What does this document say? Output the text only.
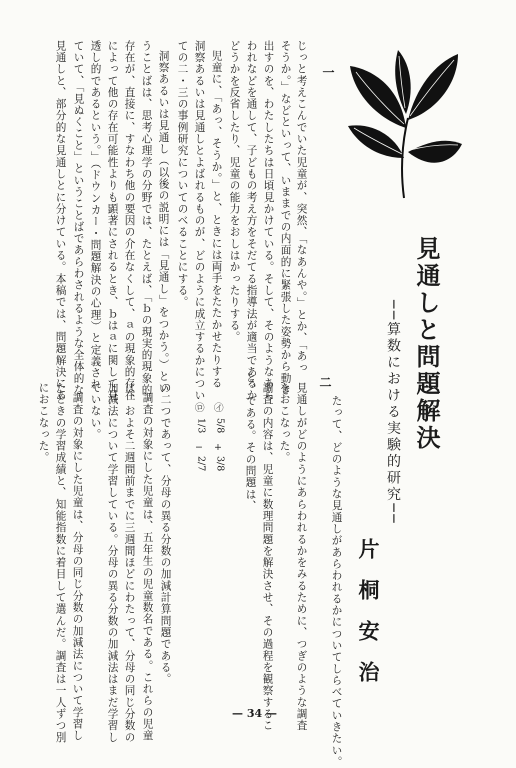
見通しと問題解決
──算数における実験的研究──
片桐安治
一
二
じっと考えこんでいた児童が、突然、「なあんや。」とか、「あっ
そうか。」などといって、いままでの内面的に緊張した姿勢から動き
出すのを、わたしたちは日頃見かけている。そして、そのようなあら
われなどを通して、子どもの考え方をそだてる指導法が適当であるか
どうかを反省したり、児童の能力をおしはかったりする。
児童に、「あっ、そうか。」と、ときには両手をたたかせたりする
洞察あるいは見通しとよばれるものが、どのように成立するかについ
ての二・三の事例研究についてのべることにする。
洞察あるいは見通し（以後の説明には「見通し」をつかう。）とい
うことばは、思考心理学の分野では、たとえば、「ｂの現実的現象的
存在が、直接に、すなわち他の要因の介在なくして、ａの現象的存在
によって他の存在可能性よりも顕著にされるとき、ｂはａに関して見
透し的であるという。」（ドウンカー・問題解決の心理）と定義され
ていて、「見ぬくこと」ということばであらわされるような全体的な
見通しと、部分的な見通しとに分けている。本稿では、問題解決にあ
たって、どのような見通しがあらわれるかについてしらべていきたい。
見通しがどのようにあらわれるかをみるために、つぎのような調査
をおこなった。
調査の内容は、児童に数理問題を解決させ、その過程を観察するこ
と、である。その問題は、
㋑
5/8
+
3/8
㋺
1/3
−
2/7
の二つであって、分母の異る分数の加減計算問題である。
調査の対象にした児童は、五年生の児童数名である。これらの児童
は、およそ二週間前までに三週間ほどにわたって、分母の同じ分数の
加減法について学習している。分母の異る分数の加減法はまだ学習し
ていない。
調査の対象にした児童は、分母の同じ分数の加減法について学習し
たときの学習成績と、知能指数に着目して選んだ。調査は一人ずつ別
におこなった。
— 34 —
